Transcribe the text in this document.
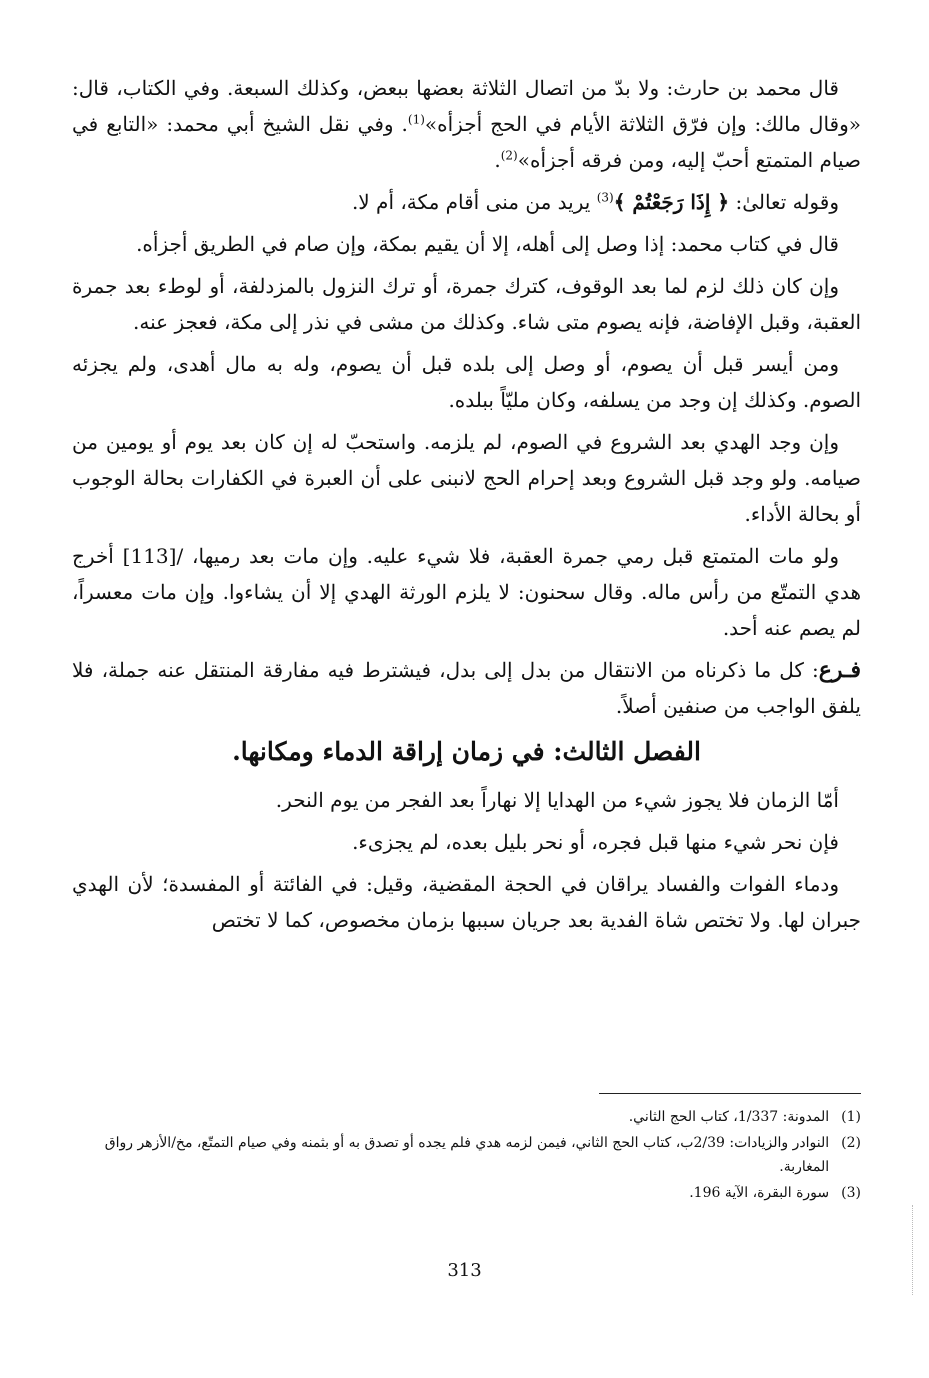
قال محمد بن حارث: ولا بدّ من اتصال الثلاثة بعضها ببعض، وكذلك السبعة. وفي الكتاب، قال: «وقال مالك: وإن فرّق الثلاثة الأيام في الحج أجزأه»$^{(1)}$. وفي نقل الشيخ أبي محمد: «التابع في صيام المتمتع أحبّ إليه، ومن فرقه أجزأه»$^{(2)}$.

وقوله تعالىٰ: ﴿ إِذَا رَجَعْتُمْ ﴾$^{(3)}$ يريد من منى أقام مكة، أم لا.

قال في كتاب محمد: إذا وصل إلى أهله، إلا أن يقيم بمكة، وإن صام في الطريق أجزأه.

وإن كان ذلك لزم لما بعد الوقوف، كترك جمرة، أو ترك النزول بالمزدلفة، أو لوطء بعد جمرة العقبة، وقبل الإفاضة، فإنه يصوم متى شاء. وكذلك من مشى في نذر إلى مكة، فعجز عنه.

ومن أيسر قبل أن يصوم، أو وصل إلى بلده قبل أن يصوم، وله به مال أهدى، ولم يجزئه الصوم. وكذلك إن وجد من يسلفه، وكان مليّاً ببلده.

وإن وجد الهدي بعد الشروع في الصوم، لم يلزمه. واستحبّ له إن كان بعد يوم أو يومين من صيامه. ولو وجد قبل الشروع وبعد إحرام الحج لانبنى على أن العبرة في الكفارات بحالة الوجوب أو بحالة الأداء.

ولو مات المتمتع قبل رمي جمرة العقبة، فلا شيء عليه. وإن مات بعد رميها، /[113] أخرج هدي التمتّع من رأس ماله. وقال سحنون: لا يلزم الورثة الهدي إلا أن يشاءوا. وإن مات معسراً، لم يصم عنه أحد.

فـرع: كل ما ذكرناه من الانتقال من بدل إلى بدل، فيشترط فيه مفارقة المنتقل عنه جملة، فلا يلفق الواجب من صنفين أصلاً.

الفصل الثالث: في زمان إراقة الدماء ومكانها.

أمّا الزمان فلا يجوز شيء من الهدايا إلا نهاراً بعد الفجر من يوم النحر.

فإن نحر شيء منها قبل فجره، أو نحر بليل بعده، لم يجزىء.

ودماء الفوات والفساد يراقان في الحجة المقضية، وقيل: في الفائتة أو المفسدة؛ لأن الهدي جبران لها. ولا تختص شاة الفدية بعد جريان سببها بزمان مخصوص، كما لا تختص

(1)
المدونة: 1/337، كتاب الحج الثاني.
(2)
النوادر والزيادات: 2/39ب، كتاب الحج الثاني، فيمن لزمه هدي فلم يجده أو تصدق به أو بثمنه وفي صيام التمتّع، مخ/الأزهر رواق المغاربة.
(3)
سورة البقرة، الآية 196.
313
